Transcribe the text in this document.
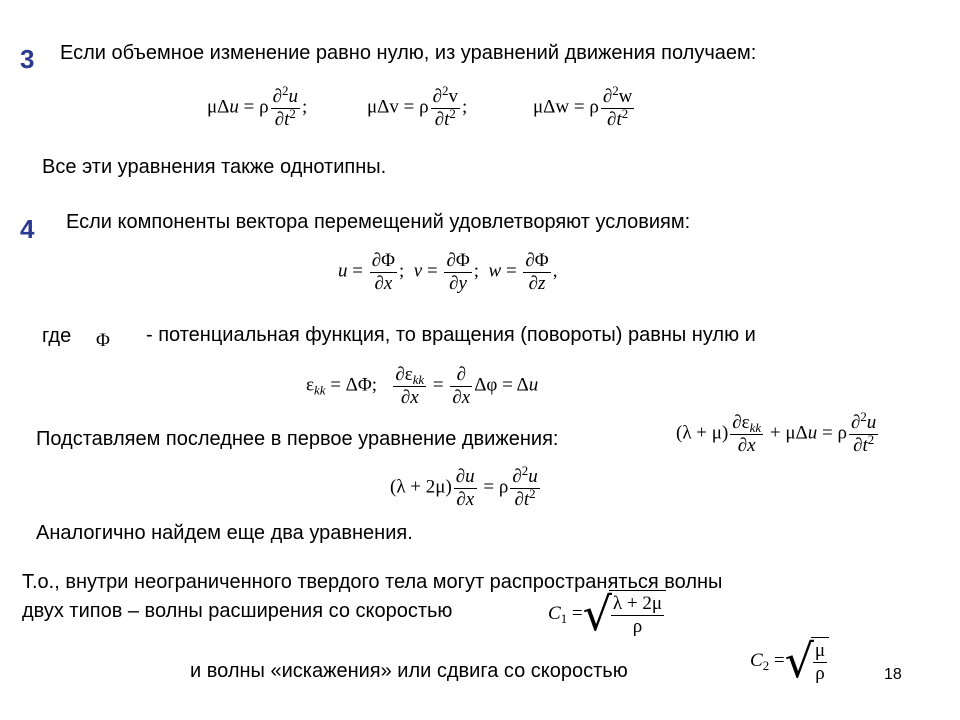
3 Если объемное изменение равно нулю, из уравнений движения получаем:
μΔu = ρ $\frac{\partial^2u}{\partial t^2}$ ;	μΔv = ρ $\frac{\partial^2v}{\partial t^2}$ ;	μΔw = ρ $\frac{\partial^2w}{\partial t^2}$
Все эти уравнения также однотипны.
4 Если компоненты вектора перемещений удовлетворяют условиям:
$u = \frac{\partial\Phi}{\partial x}$ ;  $v = \frac{\partial\Phi}{\partial y}$ ;  $w = \frac{\partial\Phi}{\partial z}$ ,
где Φ - потенциальная функция, то вращения (повороты) равны нулю и
$\varepsilon_{kk} = \Delta\Phi$; $\frac{\partial\varepsilon_{kk}}{\partial x} = \frac{\partial}{\partial x}$ Δφ = Δu
Подставляем последнее в первое уравнение движения:	$(\lambda + \mu) \frac{\partial\varepsilon_{kk}}{\partial x} + \mu\Delta u = \rho \frac{\partial^2u}{\partial t^2}$
$(\lambda + 2\mu) \frac{\partial u}{\partial x} = \rho \frac{\partial^2u}{\partial t^2}$
Аналогично найдем еще два уравнения.
Т.о., внутри неограниченного твердого тела могут распространяться волны
двух типов – волны расширения со скоростью	$C_1$ =√ $\frac{\lambda + 2\mu}{\rho}$
и волны «искажения» или сдвига со скоростью	$C_2$ =√ $\frac{\mu}{\rho}$	18
